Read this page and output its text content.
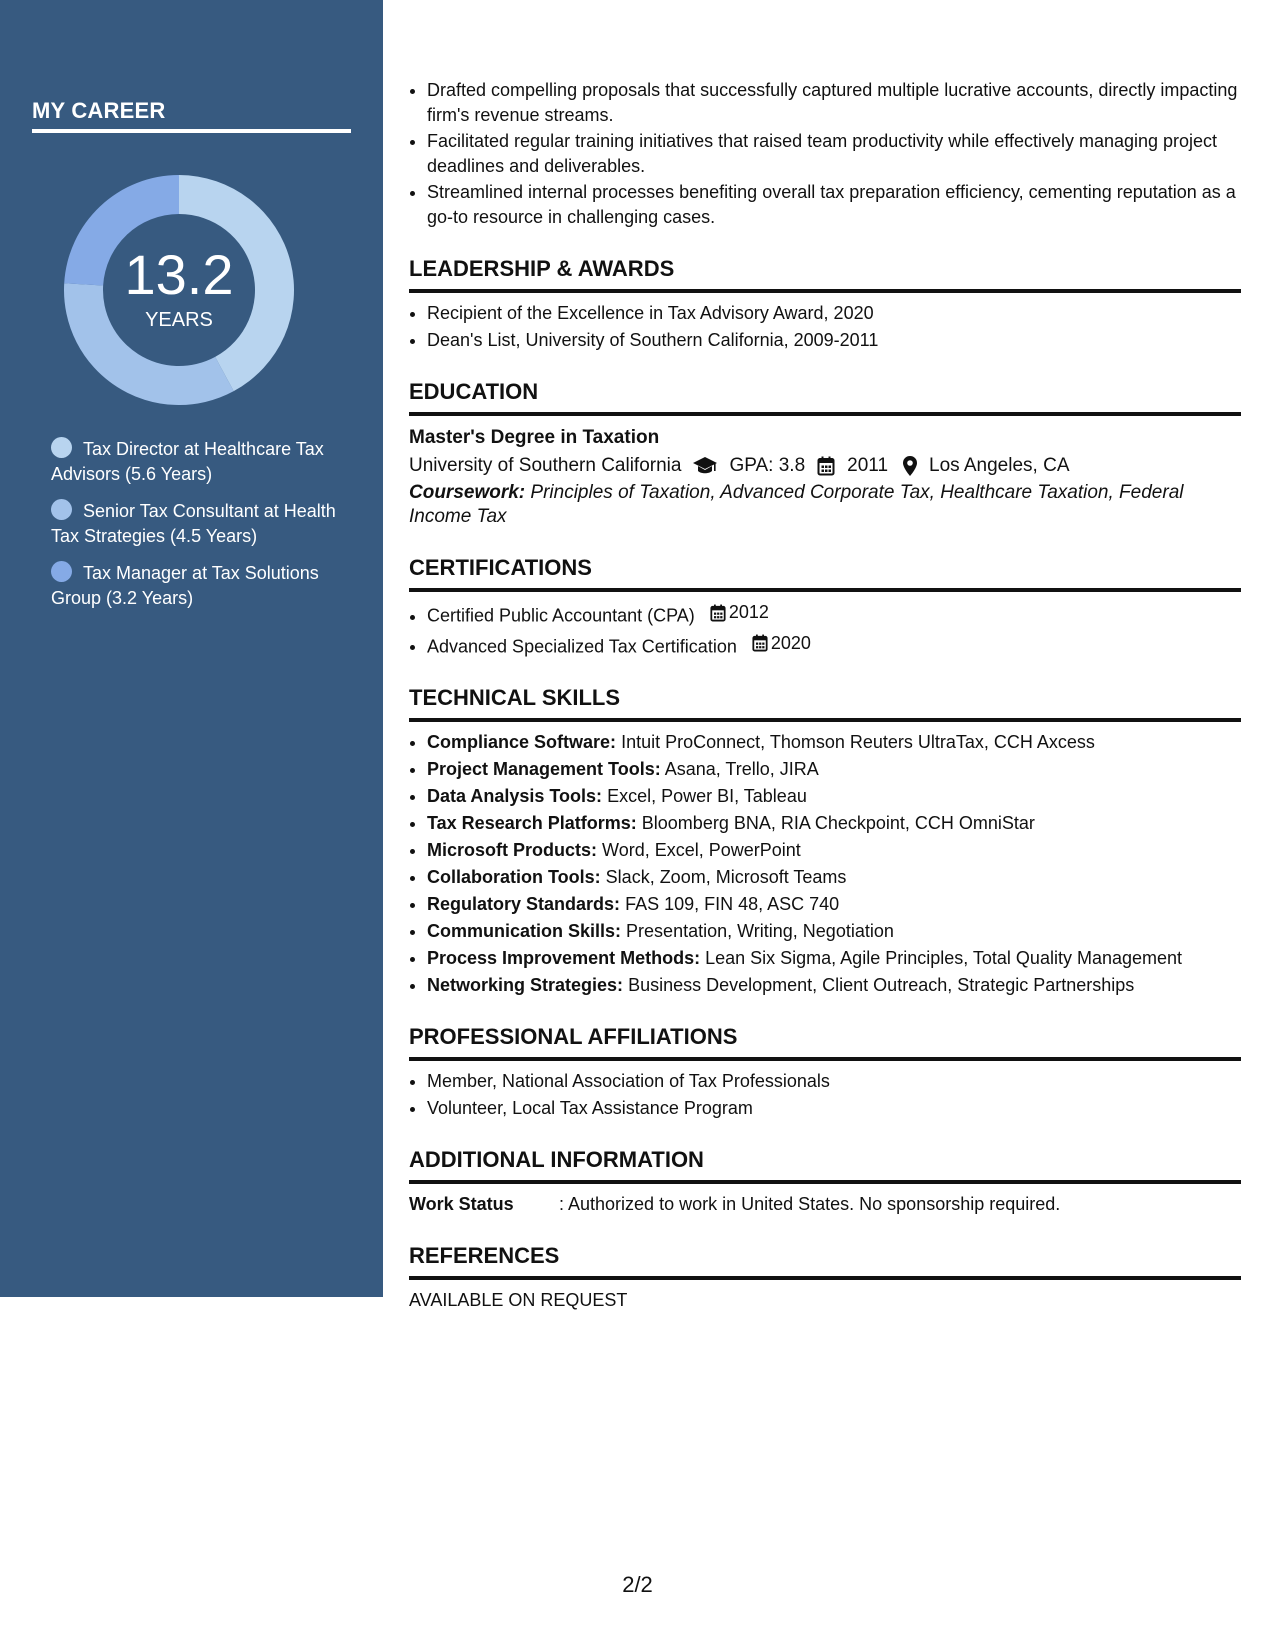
MY CAREER
13.2
YEARS
Tax Director at Healthcare Tax Advisors (5.6 Years)
Senior Tax Consultant at Health Tax Strategies (4.5 Years)
Tax Manager at Tax Solutions Group (3.2 Years)
• Drafted compelling proposals that successfully captured multiple lucrative accounts, directly impacting firm's revenue streams.
• Facilitated regular training initiatives that raised team productivity while effectively managing project deadlines and deliverables.
• Streamlined internal processes benefiting overall tax preparation efficiency, cementing reputation as a go-to resource in challenging cases.
LEADERSHIP & AWARDS
• Recipient of the Excellence in Tax Advisory Award, 2020
• Dean's List, University of Southern California, 2009-2011
EDUCATION
Master's Degree in Taxation
University of Southern California	GPA: 3.8 2011 Los Angeles, CA
Coursework: Principles of Taxation, Advanced Corporate Tax, Healthcare Taxation, Federal Income Tax
CERTIFICATIONS
• Certified Public Accountant (CPA) 2012
• Advanced Specialized Tax Certification 2020
TECHNICAL SKILLS
• Compliance Software: Intuit ProConnect, Thomson Reuters UltraTax, CCH Axcess
• Project Management Tools: Asana, Trello, JIRA
• Data Analysis Tools: Excel, Power BI, Tableau
• Tax Research Platforms: Bloomberg BNA, RIA Checkpoint, CCH OmniStar
• Microsoft Products: Word, Excel, PowerPoint
• Collaboration Tools: Slack, Zoom, Microsoft Teams
• Regulatory Standards: FAS 109, FIN 48, ASC 740
• Communication Skills: Presentation, Writing, Negotiation
• Process Improvement Methods: Lean Six Sigma, Agile Principles, Total Quality Management
• Networking Strategies: Business Development, Client Outreach, Strategic Partnerships
PROFESSIONAL AFFILIATIONS
• Member, National Association of Tax Professionals
• Volunteer, Local Tax Assistance Program
ADDITIONAL INFORMATION
Work Status	: Authorized to work in United States. No sponsorship required.
REFERENCES
AVAILABLE ON REQUEST
2/2
